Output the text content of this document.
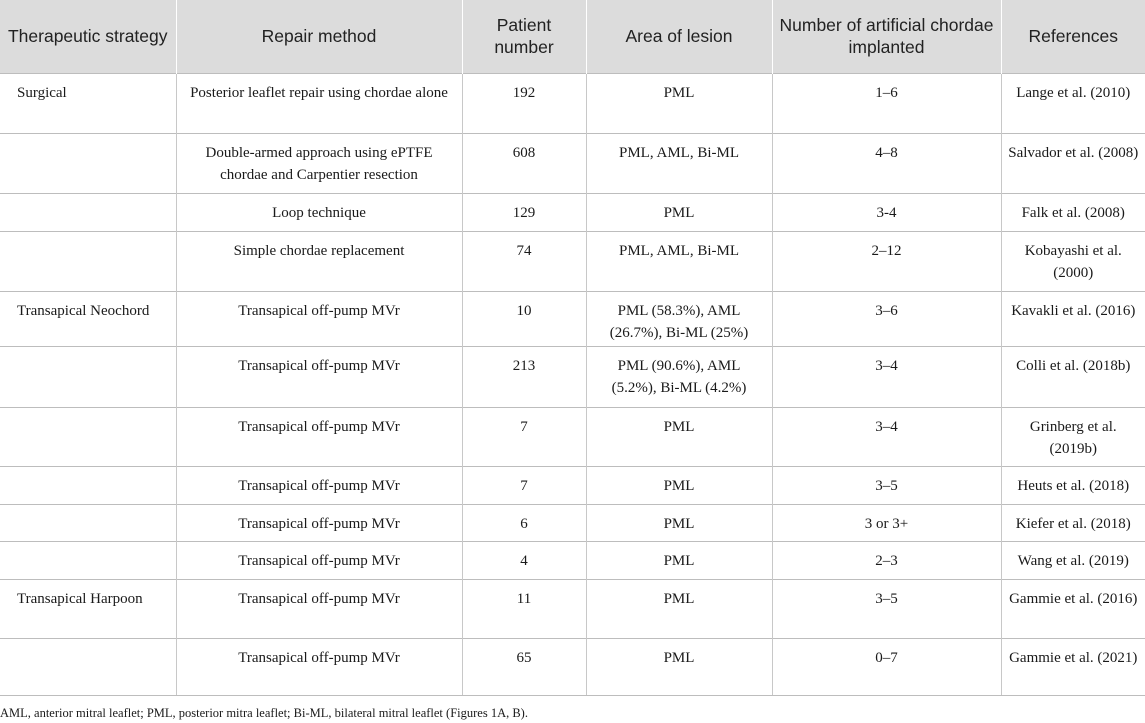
Therapeutic strategy	Repair method	Patient number	Area of lesion	Number of artificial chordae implanted	References
Surgical	Posterior leaflet repair using chordae alone	192	PML	1–6	Lange et al. (2010)
	Double-armed approach using ePTFE chordae and Carpentier resection	608	PML, AML, Bi-ML	4–8	Salvador et al. (2008)
	Loop technique	129	PML	3-4	Falk et al. (2008)
	Simple chordae replacement	74	PML, AML, Bi-ML	2–12	Kobayashi et al. (2000)
Transapical Neochord	Transapical off-pump MVr	10	PML (58.3%), AML (26.7%), Bi-ML (25%)	3–6	Kavakli et al. (2016)
	Transapical off-pump MVr	213	PML (90.6%), AML (5.2%), Bi-ML (4.2%)	3–4	Colli et al. (2018b)
	Transapical off-pump MVr	7	PML	3–4	Grinberg et al. (2019b)
	Transapical off-pump MVr	7	PML	3–5	Heuts et al. (2018)
	Transapical off-pump MVr	6	PML	3 or 3+	Kiefer et al. (2018)
	Transapical off-pump MVr	4	PML	2–3	Wang et al. (2019)
Transapical Harpoon	Transapical off-pump MVr	11	PML	3–5	Gammie et al. (2016)
	Transapical off-pump MVr	65	PML	0–7	Gammie et al. (2021)
AML, anterior mitral leaflet; PML, posterior mitra leaflet; Bi-ML, bilateral mitral leaflet (Figures 1A, B).
